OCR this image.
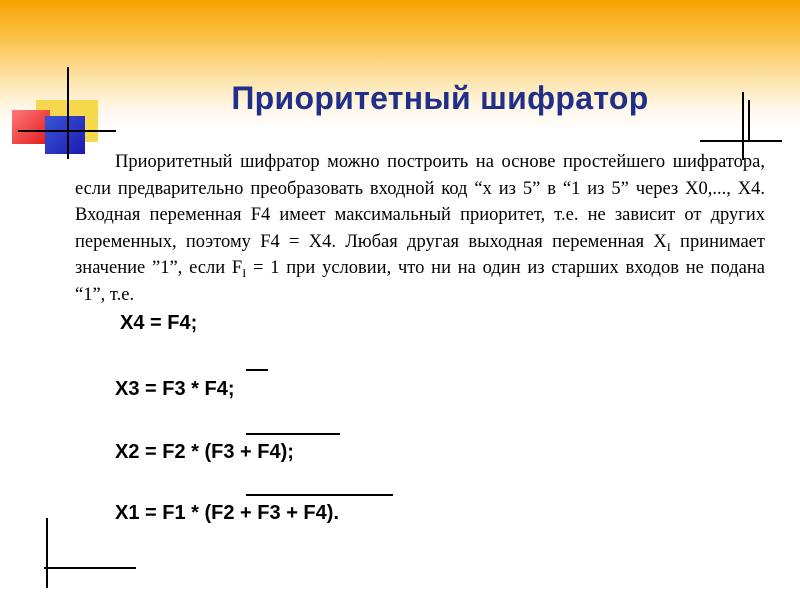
Приоритетный шифратор
Приоритетный шифратор можно построить на основе простейшего шифратора, если предварительно преобразовать входной код “x из 5” в “1 из 5” через X0,..., X4. Входная переменная F4 имеет максимальный приоритет, т.е. не зависит от других переменных, поэтому F4 = X4. Любая другая выходная переменная $X_I$ принимает значение ”1”, если $F_I = 1$ при условии, что ни на один из старших входов не подана “1”, т.е.
X4 = F4;
X3 = F3 * F4;
X2 = F2 * (F3 + F4);
X1 = F1 * (F2 + F3 + F4).
